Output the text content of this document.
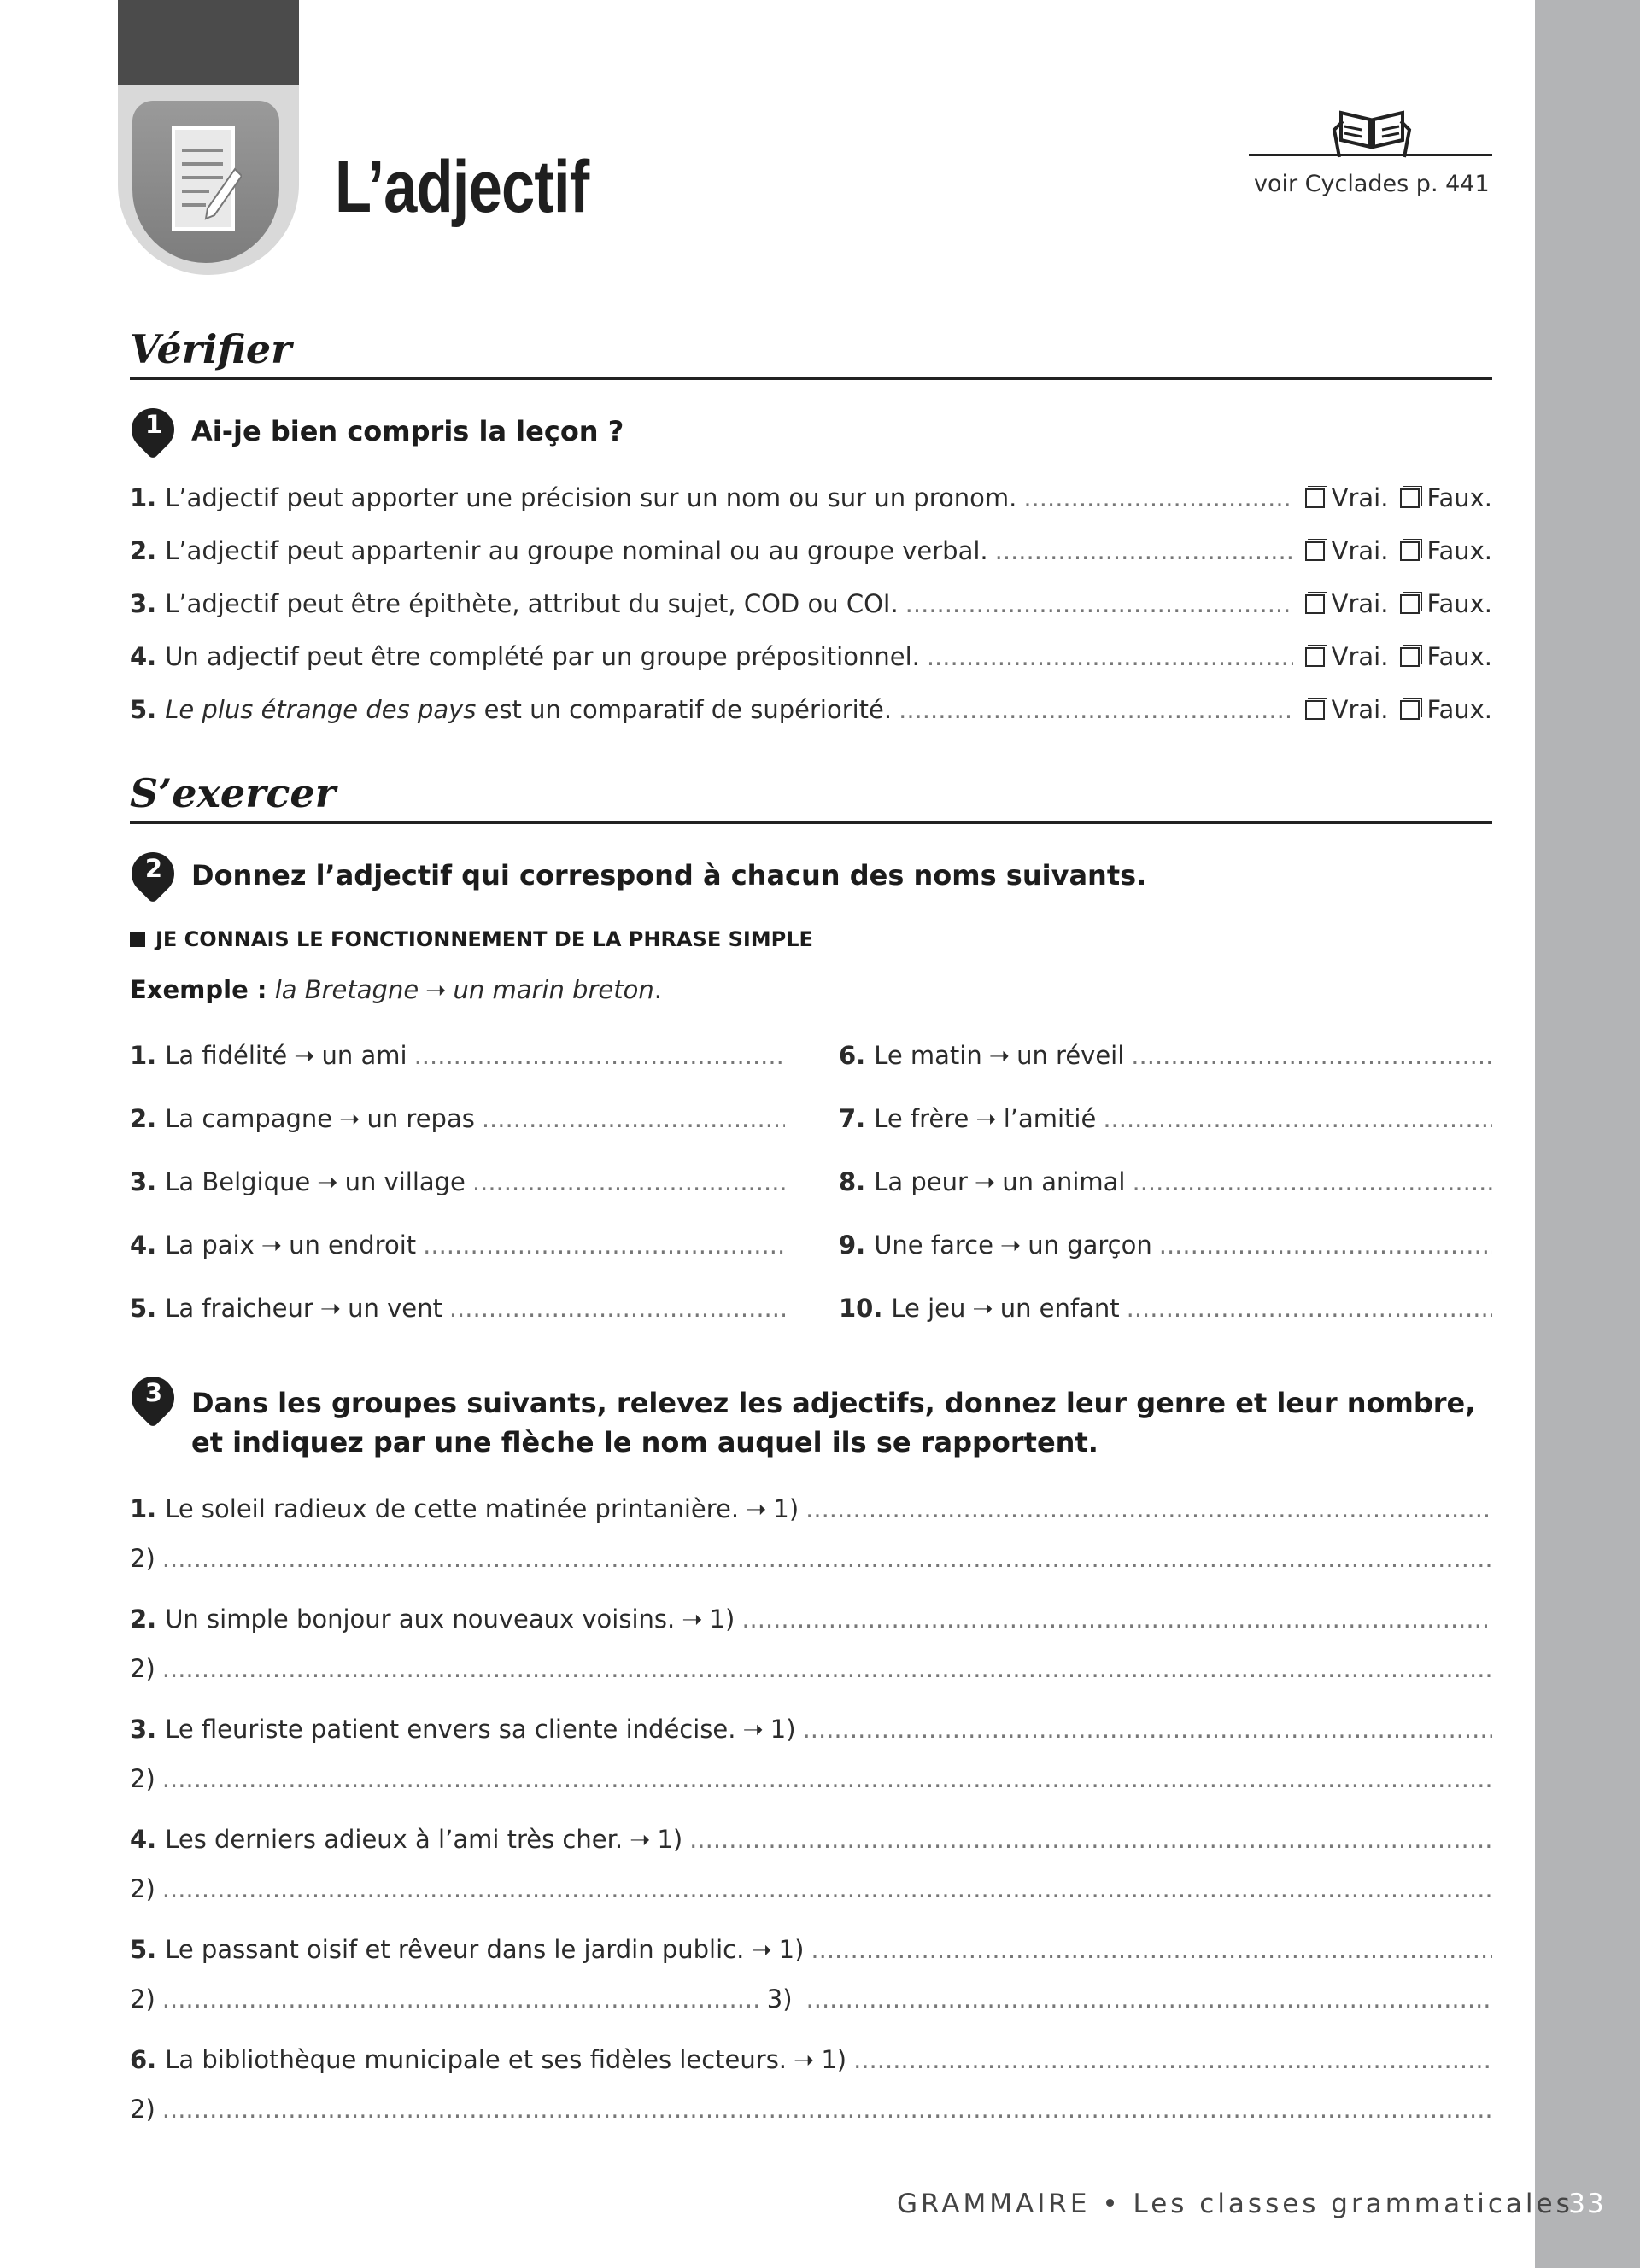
L’adjectif	voir Cyclades p. 441
Vérifier
1	Ai-je bien compris la leçon ?
1. L’adjectif peut apporter une précision sur un nom ou sur un pronom. .....	Vrai.	Faux.
2. L’adjectif peut appartenir au groupe nominal ou au groupe verbal. .....	Vrai.	Faux.
3. L’adjectif peut être épithète, attribut du sujet, COD ou COI. .....	Vrai.	Faux.
4. Un adjectif peut être complété par un groupe prépositionnel. .....	Vrai.	Faux.
5. Le plus étrange des pays est un comparatif de supériorité. .....	Vrai.	Faux.
S’exercer
2	Donnez l’adjectif qui correspond à chacun des noms suivants.
JE CONNAIS LE FONCTIONNEMENT DE LA PHRASE SIMPLE
Exemple : la Bretagne ➝ un marin breton.
1. La fidélité ➝ un ami
.....
2. La campagne ➝ un repas
.....
3. La Belgique ➝ un village
.....
4. La paix ➝ un endroit
.....
5. La fraicheur ➝ un vent
.....
6. Le matin ➝ un réveil
.....
7. Le frère ➝ l’amitié
.....
8. La peur ➝ un animal
.....
9. Une farce ➝ un garçon
.....
10. Le jeu ➝ un enfant
.....
3	Dans les groupes suivants, relevez les adjectifs, donnez leur genre et leur nombre, et indiquez par une flèche le nom auquel ils se rapportent.
1. Le soleil radieux de cette matinée printanière. ➝ 1)
.....
2)
.....
2. Un simple bonjour aux nouveaux voisins. ➝ 1)
.....
2)
.....
3. Le fleuriste patient envers sa cliente indécise. ➝ 1)
.....
2)
.....
4. Les derniers adieux à l’ami très cher. ➝ 1)
.....
2)
.....
5. Le passant oisif et rêveur dans le jardin public. ➝ 1)
.....
2) .....	3)
.....
6. La bibliothèque municipale et ses fidèles lecteurs. ➝ 1)
.....
2)
.....
GRAMMAIRE • Les classes grammaticales
33
